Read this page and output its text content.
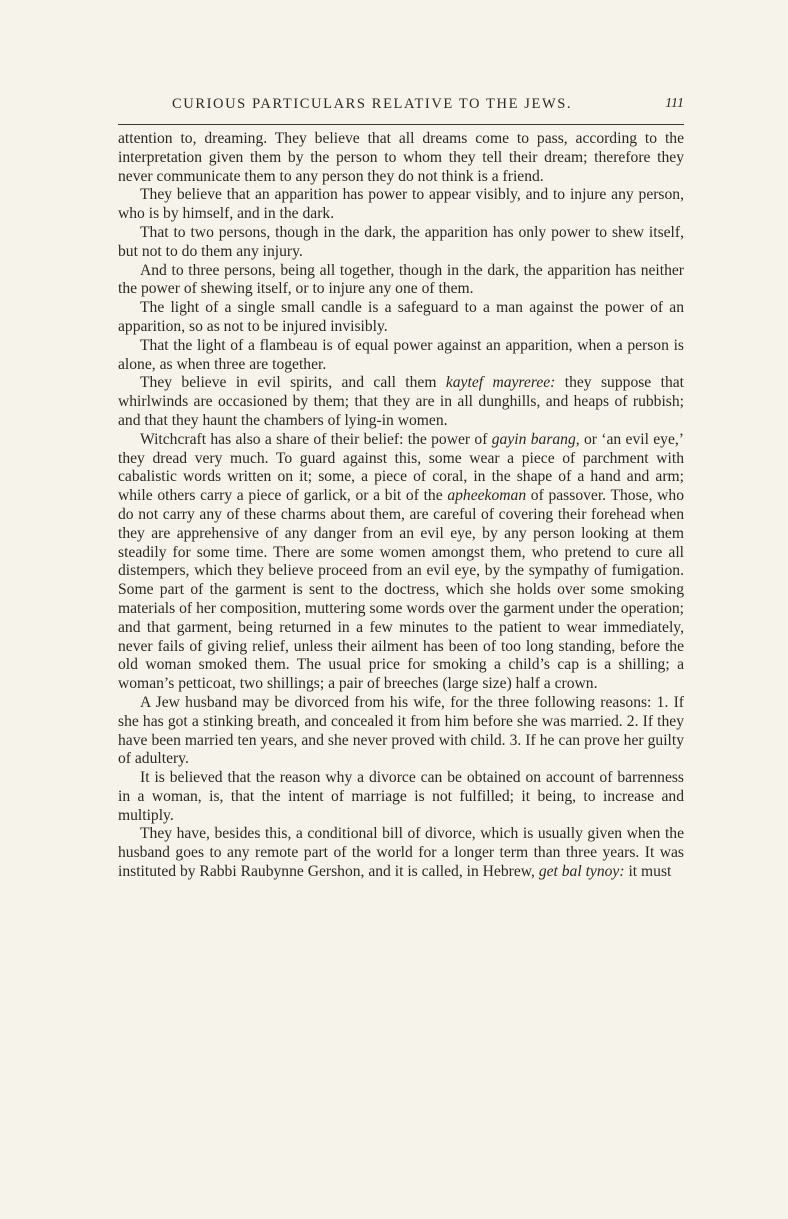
CURIOUS PARTICULARS RELATIVE TO THE JEWS.	111

attention to, dreaming. They believe that all dreams come to pass, according to the interpretation given them by the person to whom they tell their dream; therefore they never communicate them to any person they do not think is a friend.

They believe that an apparition has power to appear visibly, and to injure any person, who is by himself, and in the dark.

That to two persons, though in the dark, the apparition has only power to shew itself, but not to do them any injury.

And to three persons, being all together, though in the dark, the apparition has neither the power of shewing itself, or to injure any one of them.

The light of a single small candle is a safeguard to a man against the power of an apparition, so as not to be injured invisibly.

That the light of a flambeau is of equal power against an apparition, when a person is alone, as when three are together.

They believe in evil spirits, and call them kaytef mayreree: they suppose that whirlwinds are occasioned by them; that they are in all dunghills, and heaps of rubbish; and that they haunt the chambers of lying-in women.

Witchcraft has also a share of their belief: the power of gayin barang, or ‘an evil eye,’ they dread very much. To guard against this, some wear a piece of parchment with cabalistic words written on it; some, a piece of coral, in the shape of a hand and arm; while others carry a piece of garlick, or a bit of the apheekoman of passover. Those, who do not carry any of these charms about them, are careful of covering their forehead when they are apprehensive of any danger from an evil eye, by any person looking at them steadily for some time. There are some women amongst them, who pretend to cure all distempers, which they believe proceed from an evil eye, by the sympathy of fumigation. Some part of the garment is sent to the doctress, which she holds over some smoking materials of her composition, muttering some words over the garment under the operation; and that garment, being returned in a few minutes to the patient to wear immediately, never fails of giving relief, unless their ailment has been of too long standing, before the old woman smoked them. The usual price for smoking a child’s cap is a shilling; a woman’s petticoat, two shillings; a pair of breeches (large size) half a crown.

A Jew husband may be divorced from his wife, for the three following reasons: 1. If she has got a stinking breath, and concealed it from him before she was married. 2. If they have been married ten years, and she never proved with child. 3. If he can prove her guilty of adultery.

It is believed that the reason why a divorce can be obtained on account of barrenness in a woman, is, that the intent of marriage is not fulfilled; it being, to increase and multiply.

They have, besides this, a conditional bill of divorce, which is usually given when the husband goes to any remote part of the world for a longer term than three years. It was instituted by Rabbi Raubynne Gershon, and it is called, in Hebrew, get bal tynoy: it must
